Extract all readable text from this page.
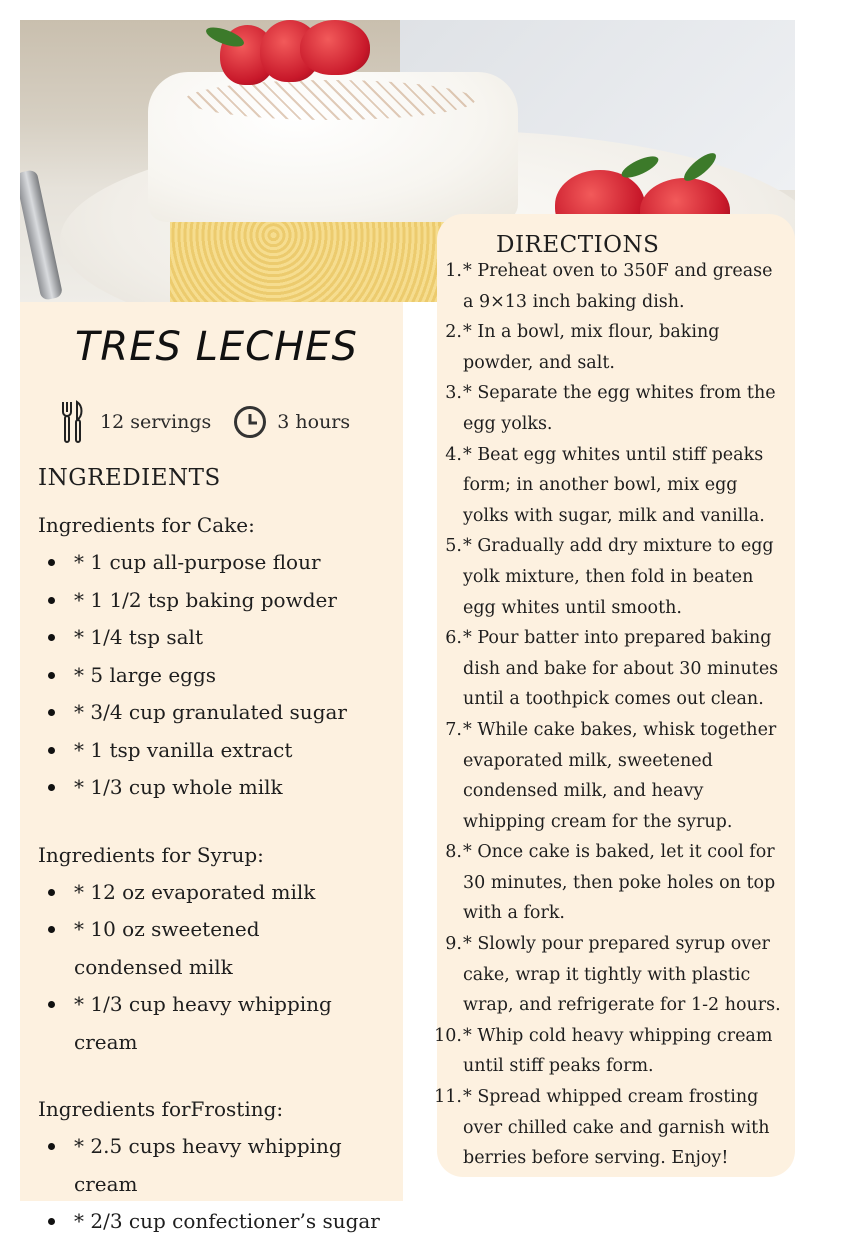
TRES LECHES
12 servings	3 hours
INGREDIENTS

Ingredients for Cake:

* 1 cup all-purpose flour
* 1 1/2 tsp baking powder
* 1/4 tsp salt
* 5 large eggs
* 3/4 cup granulated sugar
* 1 tsp vanilla extract
* 1/3 cup whole milk

Ingredients for Syrup:

* 12 oz evaporated milk
* 10 oz sweetened condensed milk
* 1/3 cup heavy whipping cream

Ingredients forFrosting:

* 2.5 cups heavy whipping cream
* 2/3 cup confectioner’s sugar
DIRECTIONS
1. * Preheat oven to 350F and grease a 9×13 inch baking dish.
2. * In a bowl, mix flour, baking powder, and salt.
3. * Separate the egg whites from the egg yolks.
4. * Beat egg whites until stiff peaks form; in another bowl, mix egg yolks with sugar, milk and vanilla.
5. * Gradually add dry mixture to egg yolk mixture, then fold in beaten egg whites until smooth.
6. * Pour batter into prepared baking dish and bake for about 30 minutes until a toothpick comes out clean.
7. * While cake bakes, whisk together evaporated milk, sweetened condensed milk, and heavy whipping cream for the syrup.
8. * Once cake is baked, let it cool for 30 minutes, then poke holes on top with a fork.
9. * Slowly pour prepared syrup over cake, wrap it tightly with plastic wrap, and refrigerate for 1-2 hours.
10. * Whip cold heavy whipping cream until stiff peaks form.
11. * Spread whipped cream frosting over chilled cake and garnish with berries before serving. Enjoy!
